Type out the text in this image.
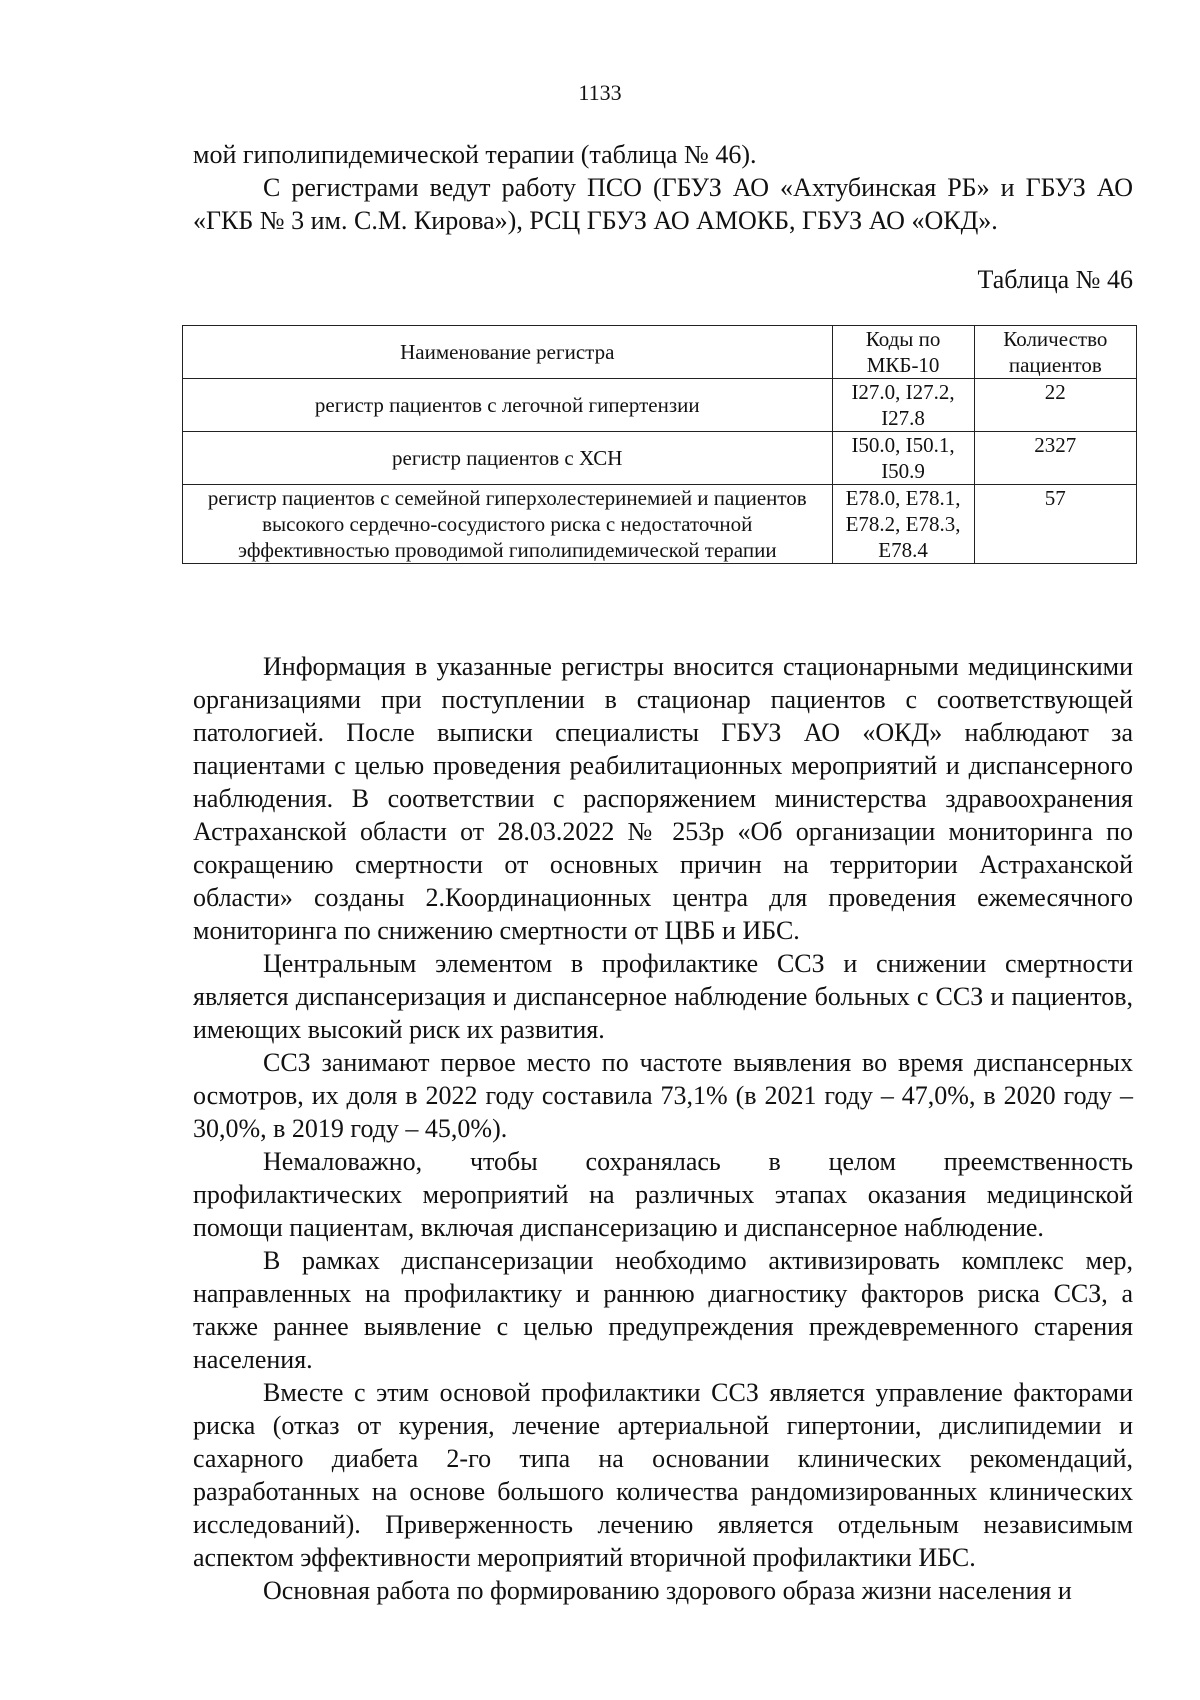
1133

мой гиполипидемической терапии (таблица № 46).

С регистрами ведут работу ПСО (ГБУЗ АО «Ахтубинская РБ» и ГБУЗ АО «ГКБ № 3 им. С.М. Кирова»), РСЦ ГБУЗ АО АМОКБ, ГБУЗ АО «ОКД».

Таблица № 46

Наименование регистра	Коды по МКБ-10	Количество пациентов
регистр пациентов с легочной гипертензии	I27.0, I27.2, I27.8	22
регистр пациентов с ХСН	I50.0, I50.1, I50.9	2327
регистр пациентов с семейной гиперхолестеринемией и пациентов высокого сердечно-сосудистого риска с недостаточной эффективностью проводимой гиполипидемической терапии	E78.0, E78.1, E78.2, E78.3, E78.4	57

Информация в указанные регистры вносится стационарными медицинскими организациями при поступлении в стационар пациентов с соответствующей патологией. После выписки специалисты ГБУЗ АО «ОКД» наблюдают за пациентами с целью проведения реабилитационных мероприятий и диспансерного наблюдения. В соответствии с распоряжением министерства здравоохранения Астраханской области от 28.03.2022 № 253р «Об организации мониторинга по сокращению смертности от основных причин на территории Астраханской области» созданы 2.Координационных центра для проведения ежемесячного мониторинга по снижению смертности от ЦВБ и ИБС.

Центральным элементом в профилактике ССЗ и снижении смертности является диспансеризация и диспансерное наблюдение больных с ССЗ и пациентов, имеющих высокий риск их развития.

ССЗ занимают первое место по частоте выявления во время диспансерных осмотров, их доля в 2022 году составила 73,1% (в 2021 году – 47,0%, в 2020 году – 30,0%, в 2019 году – 45,0%).

Немаловажно, чтобы сохранялась в целом преемственность профилактических мероприятий на различных этапах оказания медицинской помощи пациентам, включая диспансеризацию и диспансерное наблюдение.

В рамках диспансеризации необходимо активизировать комплекс мер, направленных на профилактику и раннюю диагностику факторов риска ССЗ, а также раннее выявление с целью предупреждения преждевременного старения населения.

Вместе с этим основой профилактики ССЗ является управление факторами риска (отказ от курения, лечение артериальной гипертонии, дислипидемии и сахарного диабета 2-го типа на основании клинических рекомендаций, разработанных на основе большого количества рандомизированных клинических исследований). Приверженность лечению является отдельным независимым аспектом эффективности мероприятий вторичной профилактики ИБС.

Основная работа по формированию здорового образа жизни населения и
